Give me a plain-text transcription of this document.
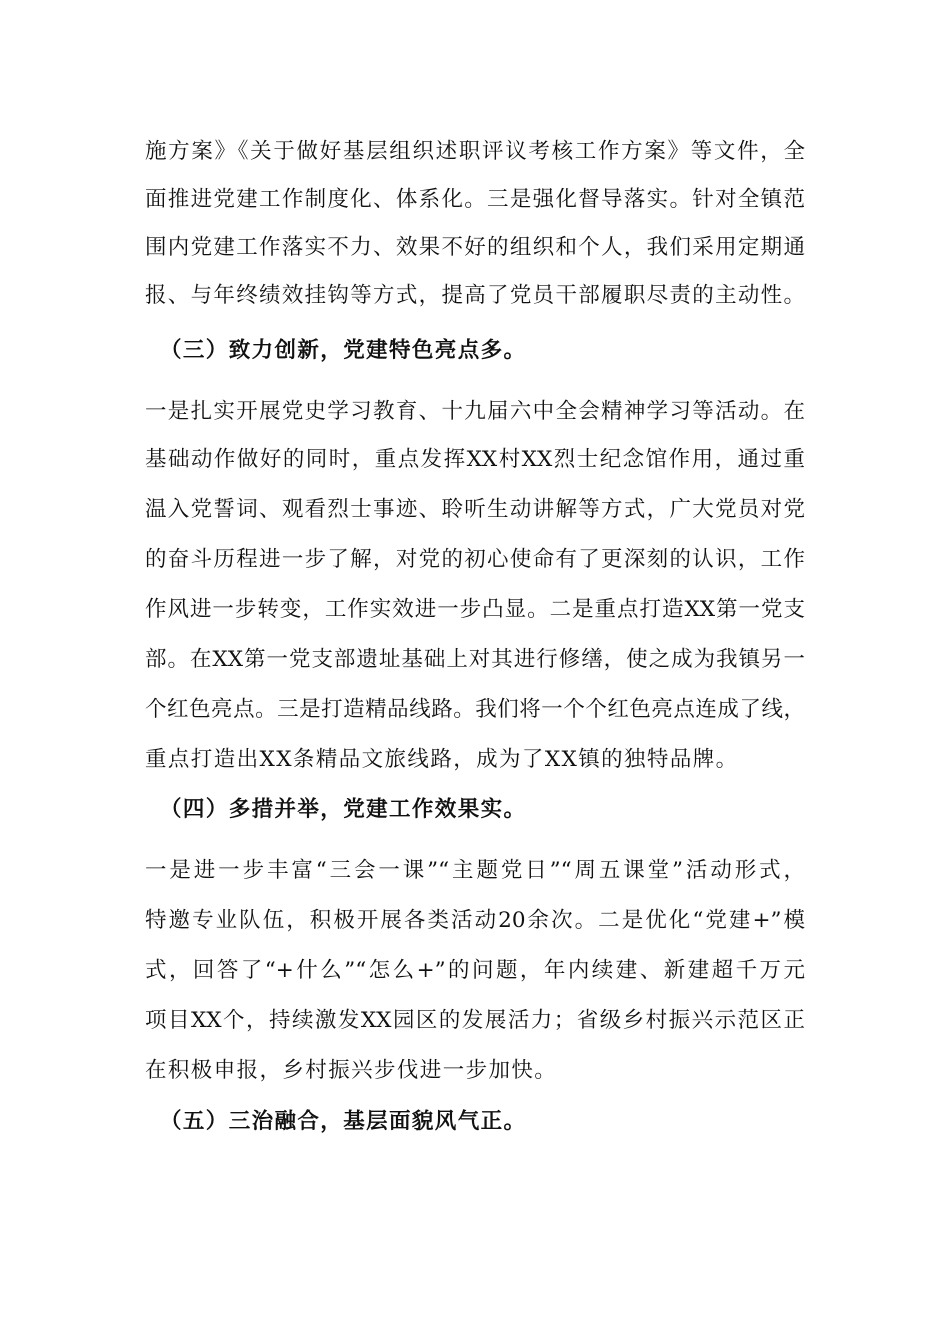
施方案》《关于做好基层组织述职评议考核工作方案》等文件，全
面推进党建工作制度化、体系化。三是强化督导落实。针对全镇范
围内党建工作落实不力、效果不好的组织和个人，我们采用定期通
报、与年终绩效挂钩等方式，提高了党员干部履职尽责的主动性。
（三）致力创新，党建特色亮点多。
一是扎实开展党史学习教育、十九届六中全会精神学习等活动。在
基础动作做好的同时，重点发挥XX村XX烈士纪念馆作用，通过重
温入党誓词、观看烈士事迹、聆听生动讲解等方式，广大党员对党
的奋斗历程进一步了解，对党的初心使命有了更深刻的认识，工作
作风进一步转变，工作实效进一步凸显。二是重点打造XX第一党支
部。在XX第一党支部遗址基础上对其进行修缮，使之成为我镇另一
个红色亮点。三是打造精品线路。我们将一个个红色亮点连成了线，
重点打造出XX条精品文旅线路，成为了XX镇的独特品牌。
（四）多措并举，党建工作效果实。
一是进一步丰富“三会一课”“主题党日”“周五课堂”活动形式，
特邀专业队伍，积极开展各类活动20余次。二是优化“党建+”模
式，回答了“+什么”“怎么+”的问题，年内续建、新建超千万元
项目XX个，持续激发XX园区的发展活力；省级乡村振兴示范区正
在积极申报，乡村振兴步伐进一步加快。
（五）三治融合，基层面貌风气正。
